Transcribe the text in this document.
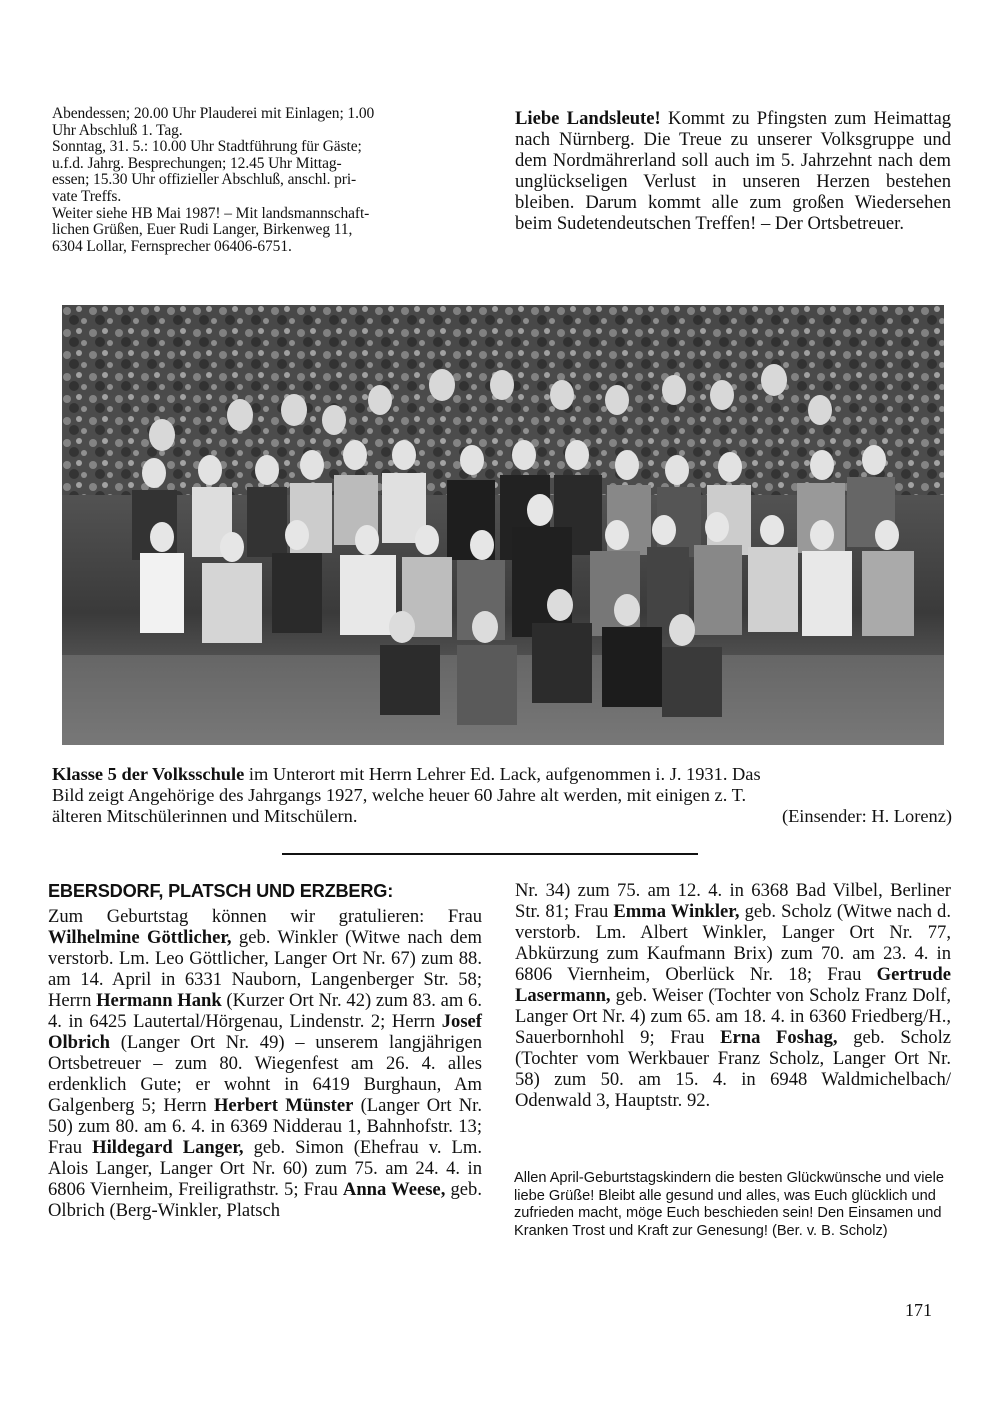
Abendessen; 20.00 Uhr Plauderei mit Einlagen; 1.00
Uhr Abschluß 1. Tag.
Sonntag, 31. 5.: 10.00 Uhr Stadtführung für Gäste;
u.f.d. Jahrg. Besprechungen; 12.45 Uhr Mittag-
essen; 15.30 Uhr offizieller Abschluß, anschl. pri-
vate Treffs.
Weiter siehe HB Mai 1987! – Mit landsmannschaft-
lichen Grüßen, Euer Rudi Langer, Birkenweg 11,
6304 Lollar, Fernsprecher 06406-6751.
Liebe Landsleute! Kommt zu Pfingsten zum Heimattag nach Nürnberg. Die Treue zu unserer Volksgruppe und dem Nordmährerland soll auch im 5. Jahrzehnt nach dem unglückseligen Verlust in unseren Herzen bestehen bleiben. Darum kommt alle zum großen Wiedersehen beim Sudetendeutschen Treffen! – Der Ortsbetreuer.
Klasse 5 der Volksschule im Unterort mit Herrn Lehrer Ed. Lack, aufgenommen i. J. 1931. Das
Bild zeigt Angehörige des Jahrgangs 1927, welche heuer 60 Jahre alt werden, mit einigen z. T.
älteren Mitschülerinnen und Mitschülern.	(Einsender: H. Lorenz)
EBERSDORF, PLATSCH UND ERZBERG:
Zum Geburtstag können wir gratulieren: Frau Wilhelmine Göttlicher, geb. Winkler (Witwe nach dem verstorb. Lm. Leo Göttlicher, Langer Ort Nr. 67) zum 88. am 14. April in 6331 Nauborn, Langenberger Str. 58; Herrn Hermann Hank (Kurzer Ort Nr. 42) zum 83. am 6. 4. in 6425 Lautertal/Hörgenau, Lindenstr. 2; Herrn Josef Olbrich (Langer Ort Nr. 49) – unserem langjährigen Ortsbetreuer – zum 80. Wiegenfest am 26. 4. alles erdenklich Gute; er wohnt in 6419 Burghaun, Am Galgenberg 5; Herrn Herbert Münster (Langer Ort Nr. 50) zum 80. am 6. 4. in 6369 Nidderau 1, Bahnhofstr. 13; Frau Hildegard Langer, geb. Simon (Ehefrau v. Lm. Alois Langer, Langer Ort Nr. 60) zum 75. am 24. 4. in 6806 Viernheim, Freiligrathstr. 5; Frau Anna Weese, geb. Olbrich (Berg-Winkler, Platsch
Nr. 34) zum 75. am 12. 4. in 6368 Bad Vilbel, Berliner Str. 81; Frau Emma Winkler, geb. Scholz (Witwe nach d. verstorb. Lm. Albert Winkler, Langer Ort Nr. 77, Abkürzung zum Kaufmann Brix) zum 70. am 23. 4. in 6806 Viernheim, Oberlück Nr. 18; Frau Gertrude Lasermann, geb. Weiser (Tochter von Scholz Franz Dolf, Langer Ort Nr. 4) zum 65. am 18. 4. in 6360 Friedberg/H., Sauerbornhohl 9; Frau Erna Foshag, geb. Scholz (Tochter vom Werkbauer Franz Scholz, Langer Ort Nr. 58) zum 50. am 15. 4. in 6948 Waldmichelbach/ Odenwald 3, Hauptstr. 92.
Allen April-Geburtstagskindern die besten Glückwünsche und viele liebe Grüße! Bleibt alle gesund und alles, was Euch glücklich und zufrieden macht, möge Euch beschieden sein! Den Einsamen und Kranken Trost und Kraft zur Genesung! (Ber. v. B. Scholz)
171
